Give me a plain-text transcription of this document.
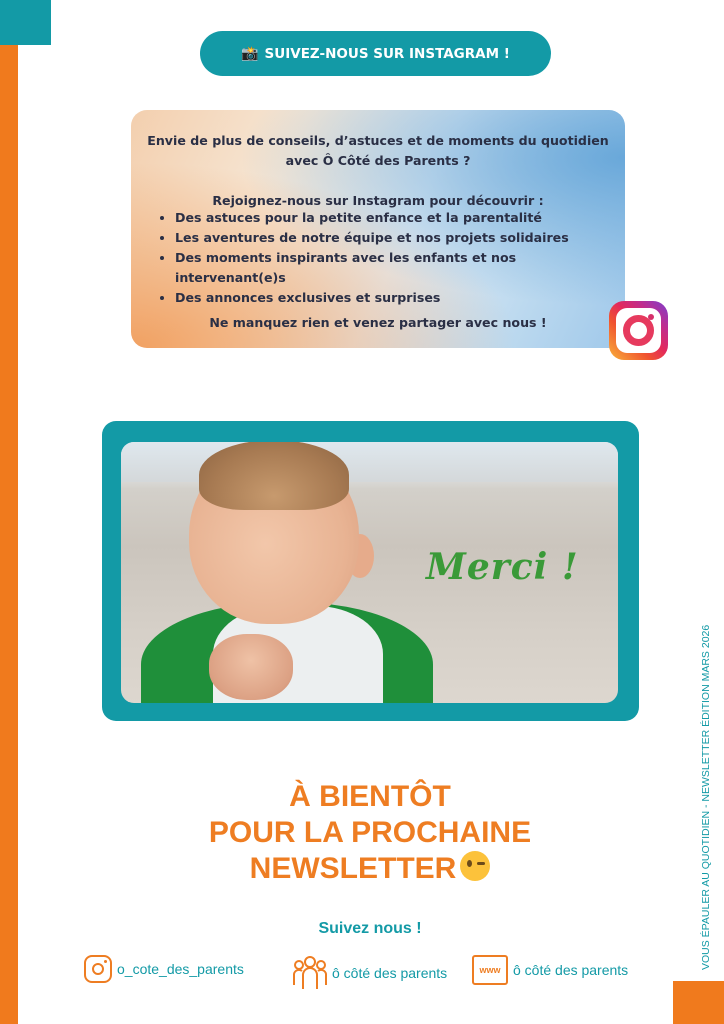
📸 SUIVEZ-NOUS SUR INSTAGRAM !
Envie de plus de conseils, d’astuces et de moments du quotidien
avec Ô Côté des Parents ?
Rejoignez-nous sur Instagram pour découvrir :
• Des astuces pour la petite enfance et la parentalité
• Les aventures de notre équipe et nos projets solidaires
• Des moments inspirants avec les enfants et nos intervenant(e)s
• Des annonces exclusives et surprises
Ne manquez rien et venez partager avec nous !
Merci !
À BIENTÔT
POUR LA PROCHAINE
NEWSLETTER
Suivez nous !
o_cote_des_parents	ô côté des parents	www ô côté des parents	VOUS ÉPAULER AU QUOTIDIEN - NEWSLETTER ÉDITION MARS 2026
